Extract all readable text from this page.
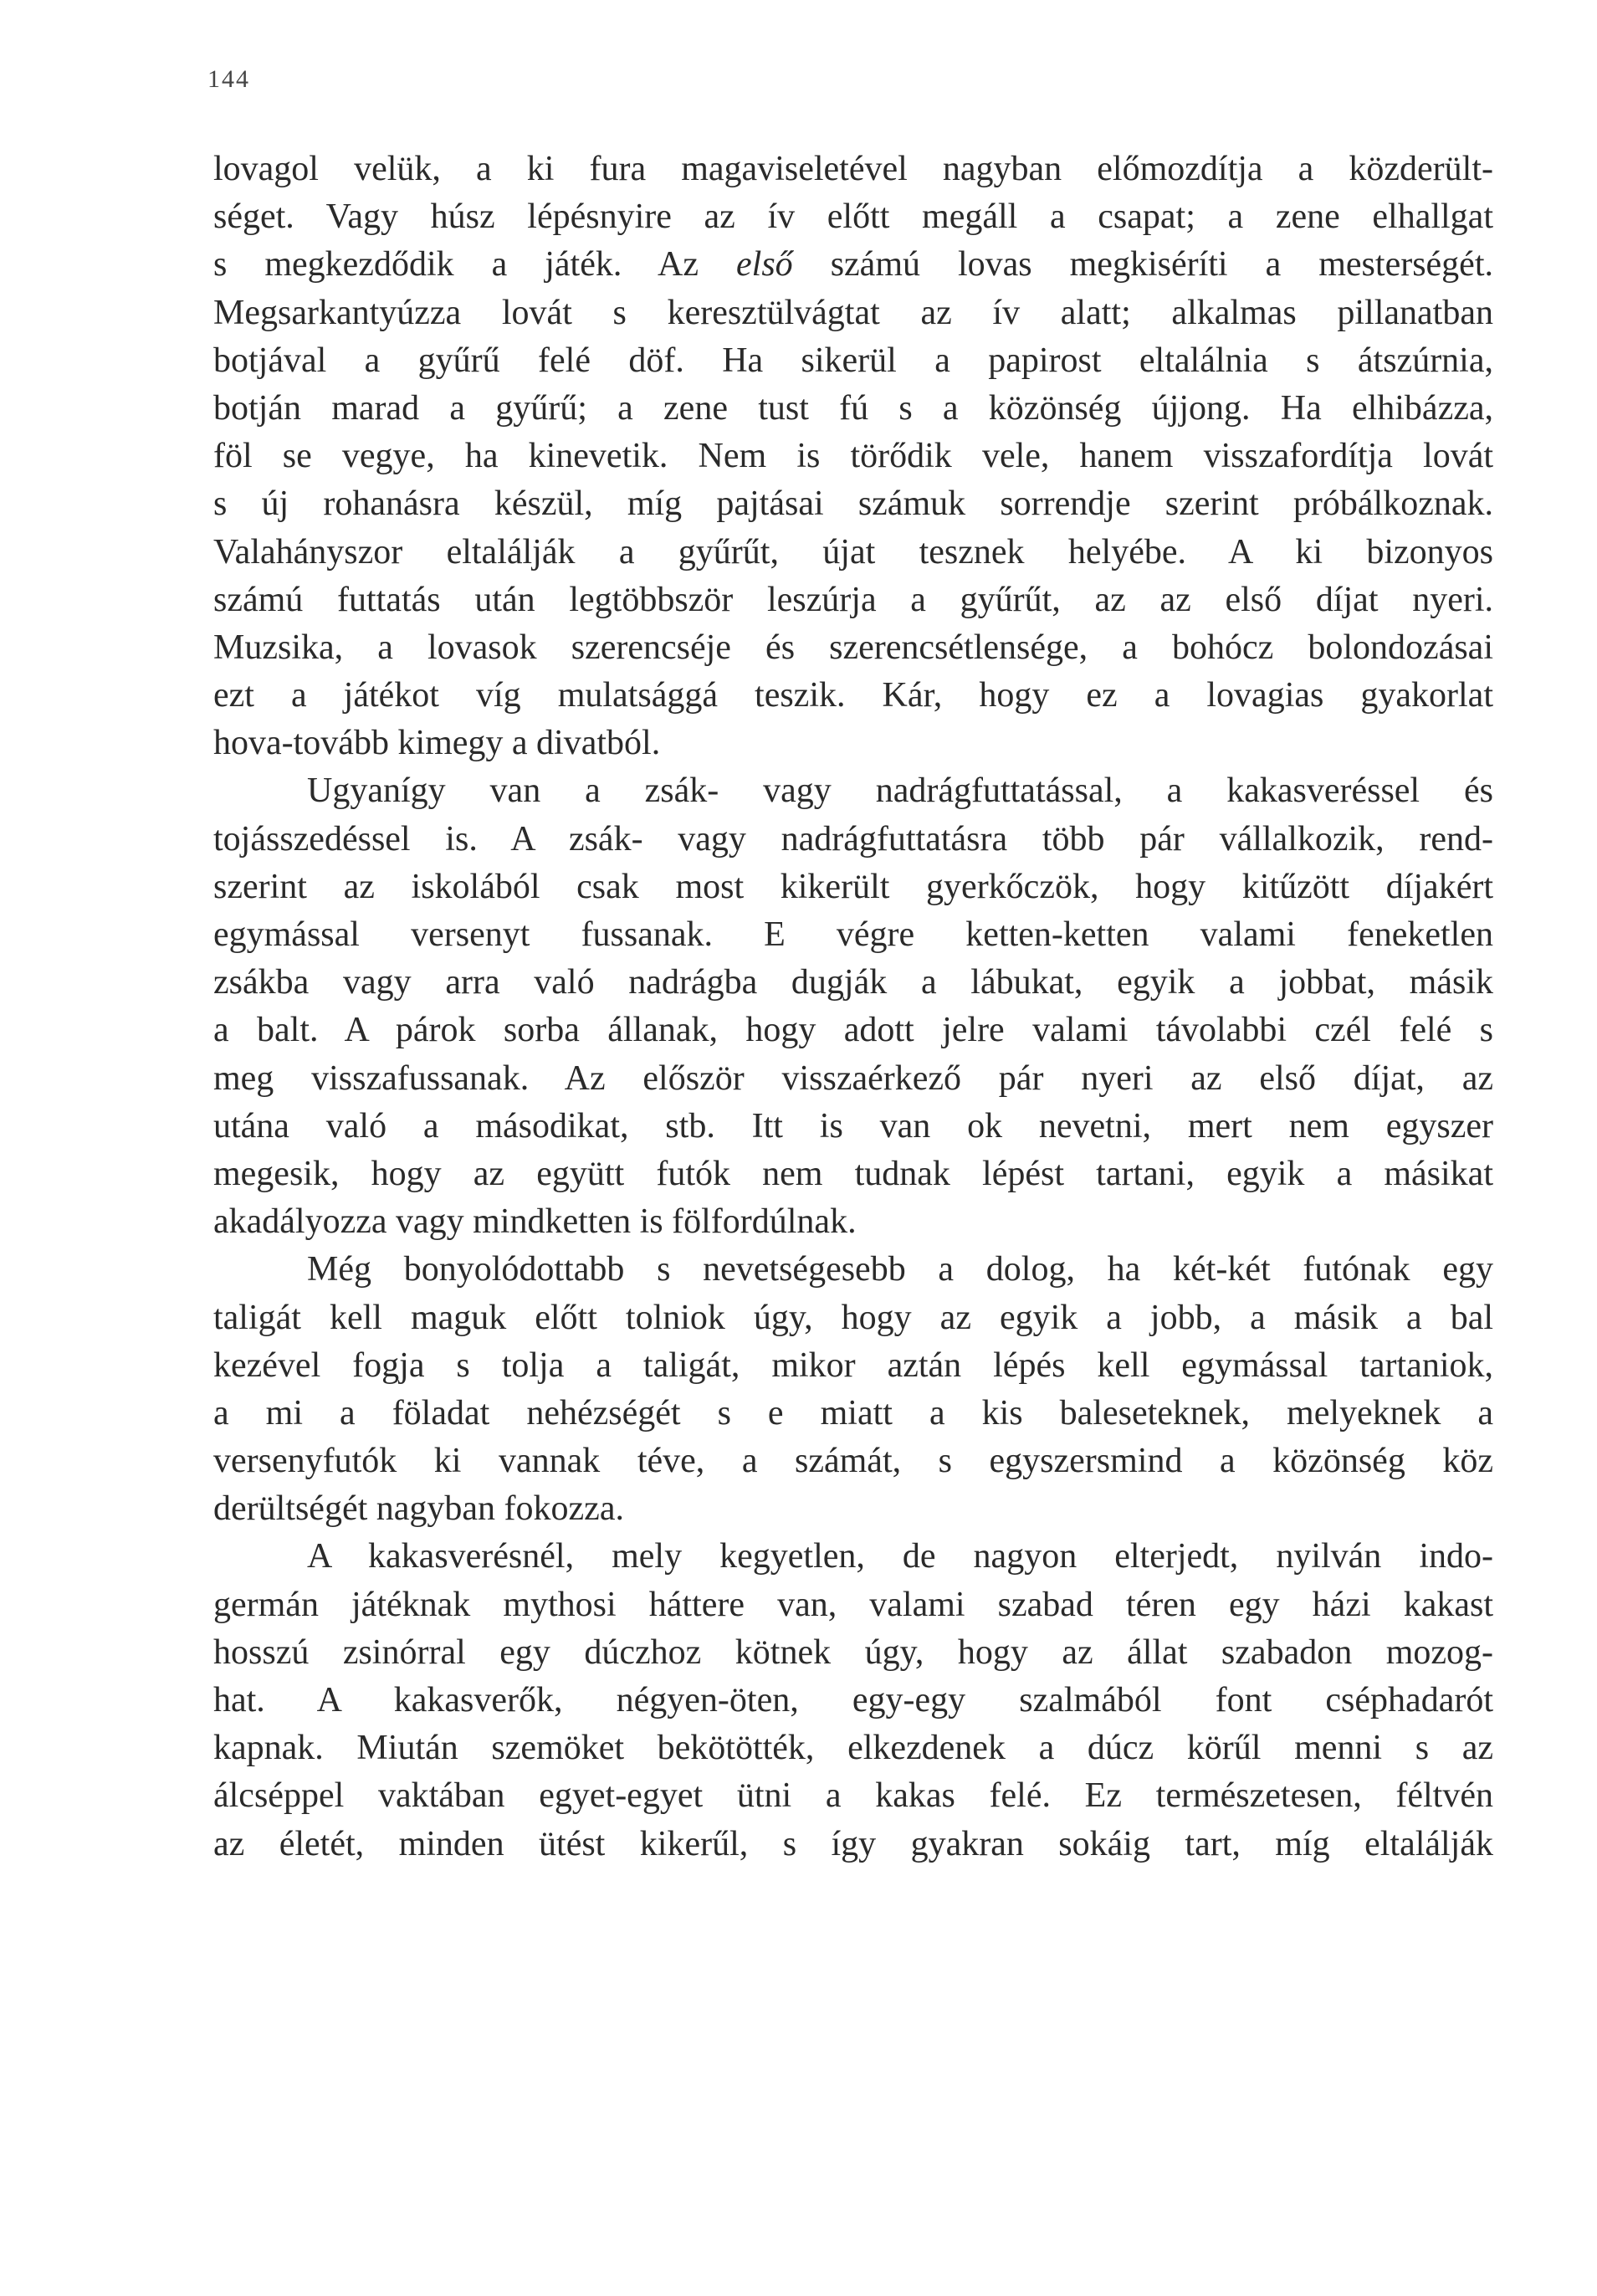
144
lovagol velük, a ki fura magaviseletével nagyban előmozdítja a közderült-
séget. Vagy húsz lépésnyire az ív előtt megáll a csapat; a zene elhallgat
s megkezdődik a játék. Az első számú lovas megkiséríti a mesterségét.
Megsarkantyúzza lovát s keresztülvágtat az ív alatt; alkalmas pillanatban
botjával a gyűrű felé döf. Ha sikerül a papirost eltalálnia s átszúrnia,
botján marad a gyűrű; a zene tust fú s a közönség újjong. Ha elhibázza,
föl se vegye, ha kinevetik. Nem is törődik vele, hanem visszafordítja lovát
s új rohanásra készül, míg pajtásai számuk sorrendje szerint próbálkoznak.
Valahányszor eltalálják a gyűrűt, újat tesznek helyébe. A ki bizonyos
számú futtatás után legtöbbször leszúrja a gyűrűt, az az első díjat nyeri.
Muzsika, a lovasok szerencséje és szerencsétlensége, a bohócz bolondozásai
ezt a játékot víg mulatsággá teszik. Kár, hogy ez a lovagias gyakorlat
hova-tovább kimegy a divatból.
Ugyanígy van a zsák- vagy nadrágfuttatással, a kakasveréssel és
tojásszedéssel is. A zsák- vagy nadrágfuttatásra több pár vállalkozik, rend-
szerint az iskolából csak most kikerült gyerkőczök, hogy kitűzött díjakért
egymással versenyt fussanak. E végre ketten-ketten valami feneketlen
zsákba vagy arra való nadrágba dugják a lábukat, egyik a jobbat, másik
a balt. A párok sorba állanak, hogy adott jelre valami távolabbi czél felé s
meg visszafussanak. Az először visszaérkező pár nyeri az első díjat, az
utána való a másodikat, stb. Itt is van ok nevetni, mert nem egyszer
megesik, hogy az együtt futók nem tudnak lépést tartani, egyik a másikat
akadályozza vagy mindketten is fölfordúlnak.
Még bonyolódottabb s nevetségesebb a dolog, ha két-két futónak egy
taligát kell maguk előtt tolniok úgy, hogy az egyik a jobb, a másik a bal
kezével fogja s tolja a taligát, mikor aztán lépés kell egymással tartaniok,
a mi a föladat nehézségét s e miatt a kis baleseteknek, melyeknek a
versenyfutók ki vannak téve, a számát, s egyszersmind a közönség köz
derültségét nagyban fokozza.
A kakasverésnél, mely kegyetlen, de nagyon elterjedt, nyilván indo-
germán játéknak mythosi háttere van, valami szabad téren egy házi kakast
hosszú zsinórral egy dúczhoz kötnek úgy, hogy az állat szabadon mozog-
hat. A kakasverők, négyen-öten, egy-egy szalmából font cséphadarót
kapnak. Miután szemöket bekötötték, elkezdenek a dúcz körűl menni s az
álcséppel vaktában egyet-egyet ütni a kakas felé. Ez természetesen, féltvén
az életét, minden ütést kikerűl, s így gyakran sokáig tart, míg eltalálják
